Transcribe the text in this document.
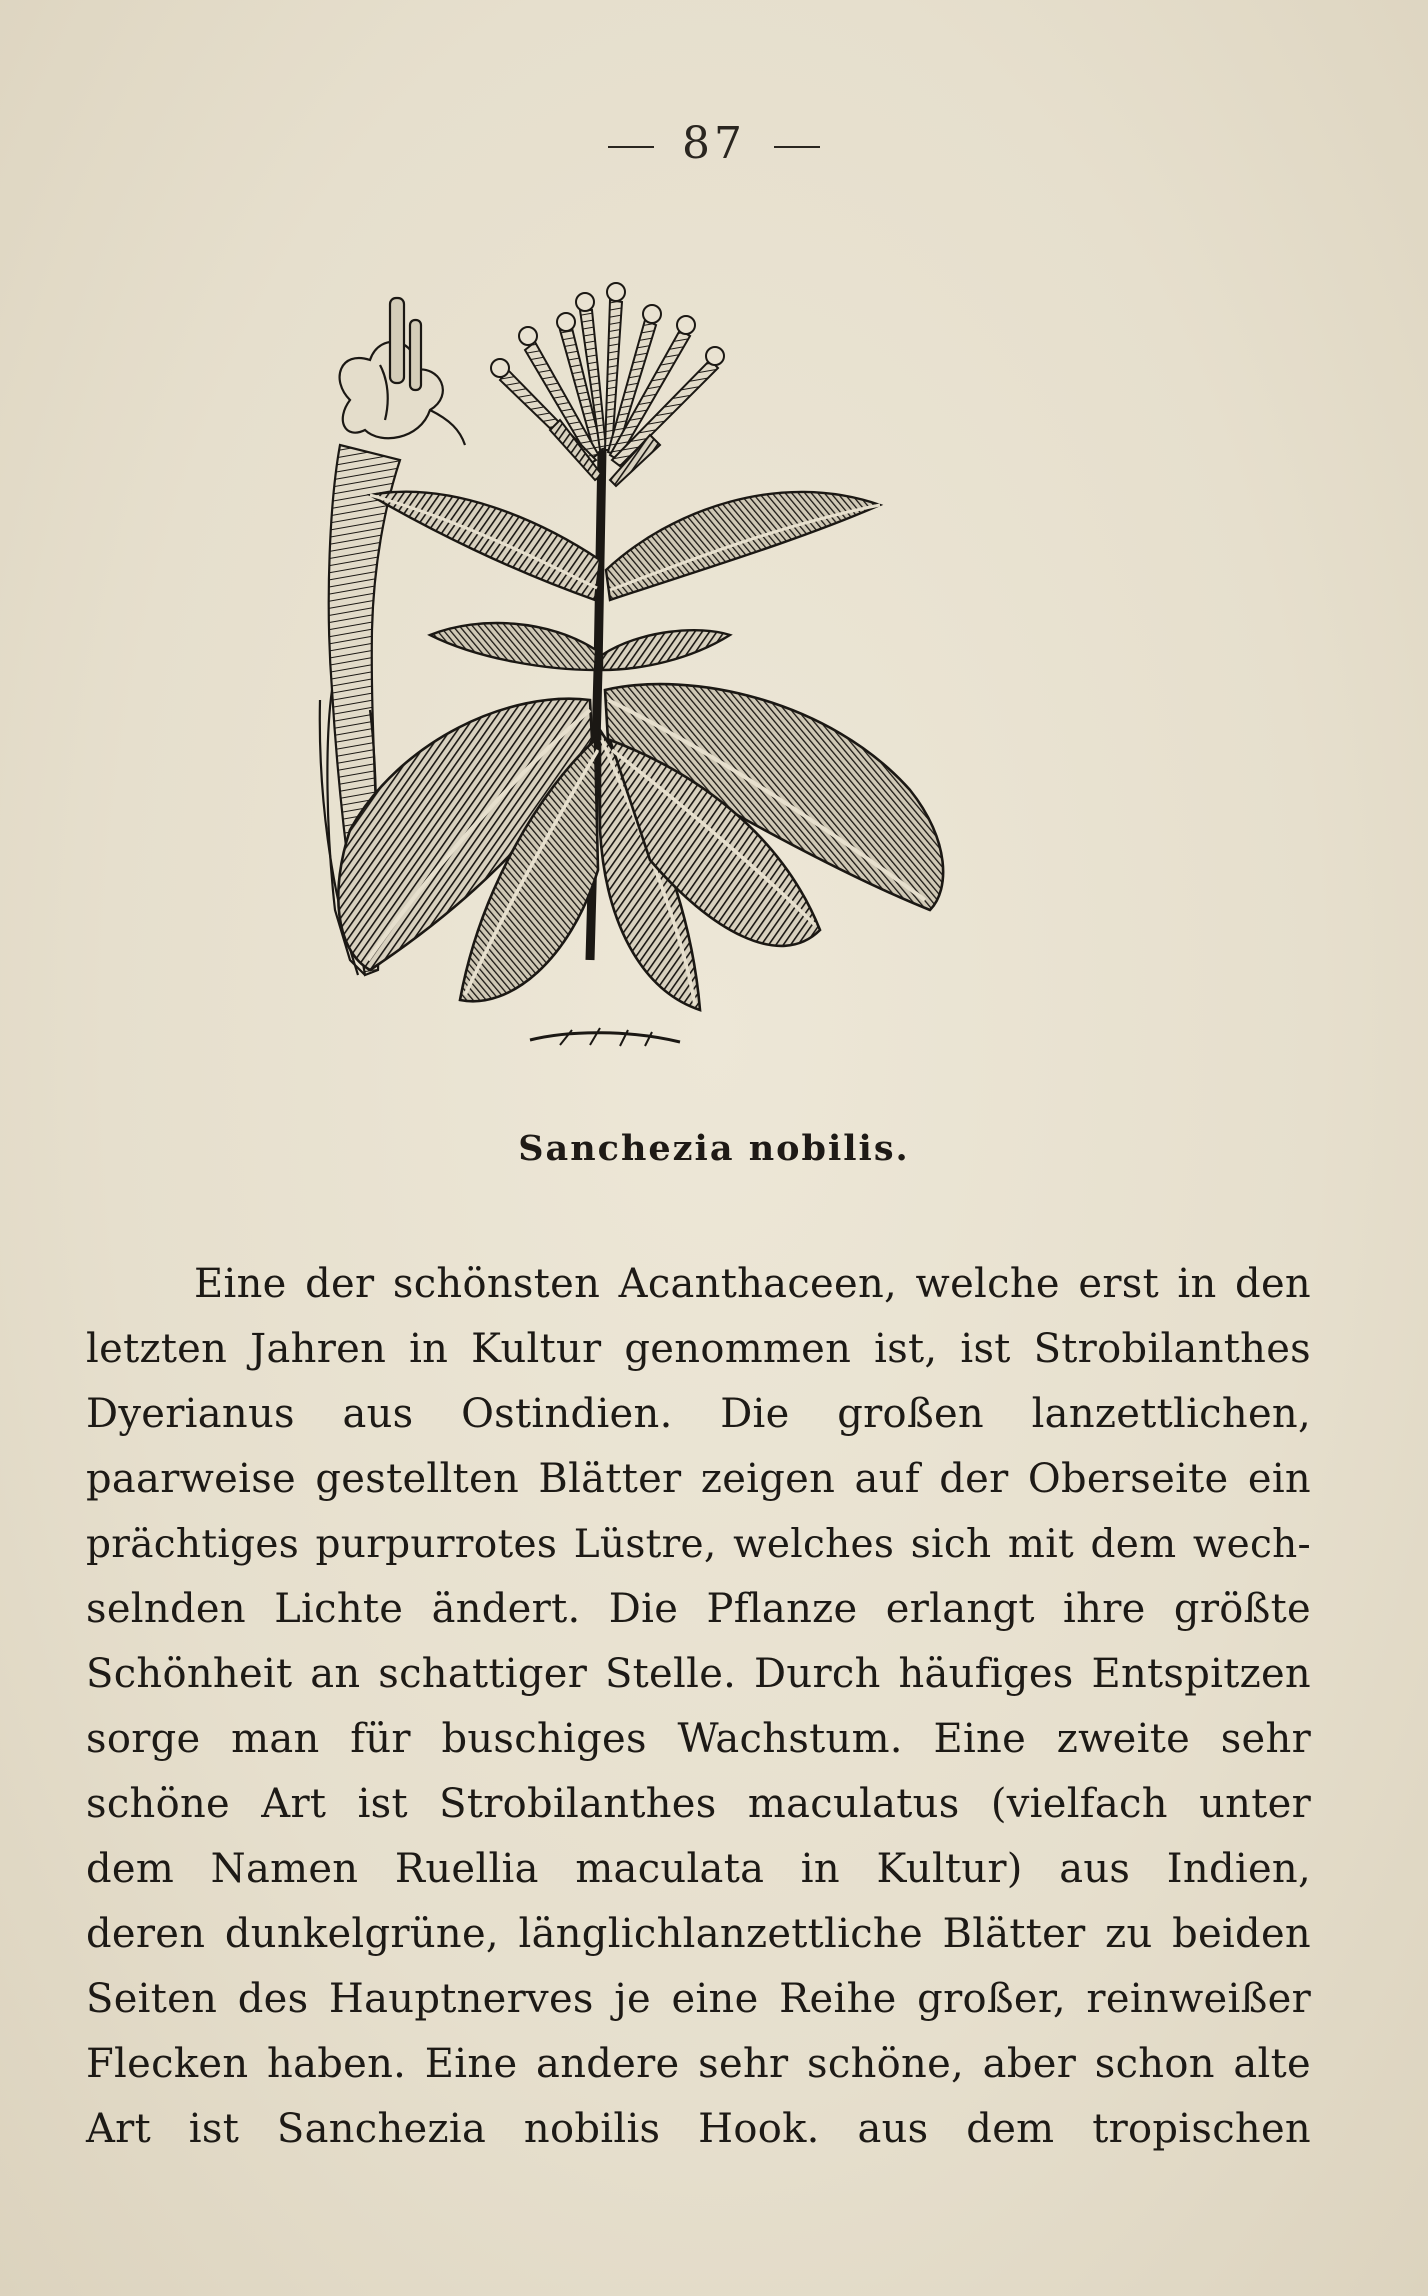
87
Sanchezia nobilis.
Eine der schönsten Acanthaceen, welche erst in den
letzten Jahren in Kultur genommen ist, ist Strobilanthes
Dyerianus aus Ostindien. Die großen lanzettlichen,
paarweise gestellten Blätter zeigen auf der Oberseite ein
prächtiges purpurrotes Lüstre, welches sich mit dem wech-
selnden Lichte ändert. Die Pflanze erlangt ihre größte
Schönheit an schattiger Stelle. Durch häufiges Entspitzen
sorge man für buschiges Wachstum. Eine zweite sehr
schöne Art ist Strobilanthes maculatus (vielfach unter
dem Namen Ruellia maculata in Kultur) aus Indien,
deren dunkelgrüne, länglichlanzettliche Blätter zu beiden
Seiten des Hauptnerves je eine Reihe großer, reinweißer
Flecken haben. Eine andere sehr schöne, aber schon alte
Art ist Sanchezia nobilis Hook. aus dem tropischen
